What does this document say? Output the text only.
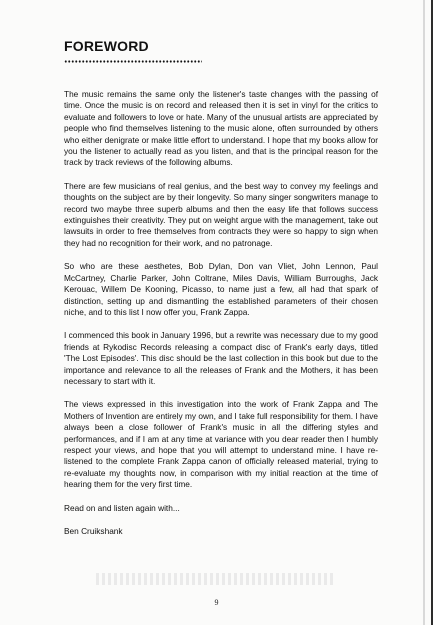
FOREWORD

The music remains the same only the listener's taste changes with the passing of time. Once the music is on record and released then it is set in vinyl for the critics to evaluate and followers to love or hate. Many of the unusual artists are appreciated by people who find themselves listening to the music alone, often surrounded by others who either denigrate or make little effort to understand. I hope that my books allow for you the listener to actually read as you listen, and that is the principal reason for the track by track reviews of the following albums.

There are few musicians of real genius, and the best way to convey my feelings and thoughts on the subject are by their longevity. So many singer songwriters manage to record two maybe three superb albums and then the easy life that follows success extinguishes their creativity. They put on weight argue with the management, take out lawsuits in order to free themselves from contracts they were so happy to sign when they had no recognition for their work, and no patronage.

So who are these aesthetes, Bob Dylan, Don van Vliet, John Lennon, Paul McCartney, Charlie Parker, John Coltrane, Miles Davis, William Burroughs, Jack Kerouac, Willem De Kooning, Picasso, to name just a few, all had that spark of distinction, setting up and dismantling the established parameters of their chosen niche, and to this list I now offer you, Frank Zappa.

I commenced this book in January 1996, but a rewrite was necessary due to my good friends at Rykodisc Records releasing a compact disc of Frank's early days, titled 'The Lost Episodes'. This disc should be the last collection in this book but due to the importance and relevance to all the releases of Frank and the Mothers, it has been necessary to start with it.

The views expressed in this investigation into the work of Frank Zappa and The Mothers of Invention are entirely my own, and I take full responsibility for them. I have always been a close follower of Frank's music in all the differing styles and performances, and if I am at any time at variance with you dear reader then I humbly respect your views, and hope that you will attempt to understand mine. I have re-listened to the complete Frank Zappa canon of officially released material, trying to re-evaluate my thoughts now, in comparison with my initial reaction at the time of hearing them for the very first time.

Read on and listen again with...

Ben Cruikshank

9
